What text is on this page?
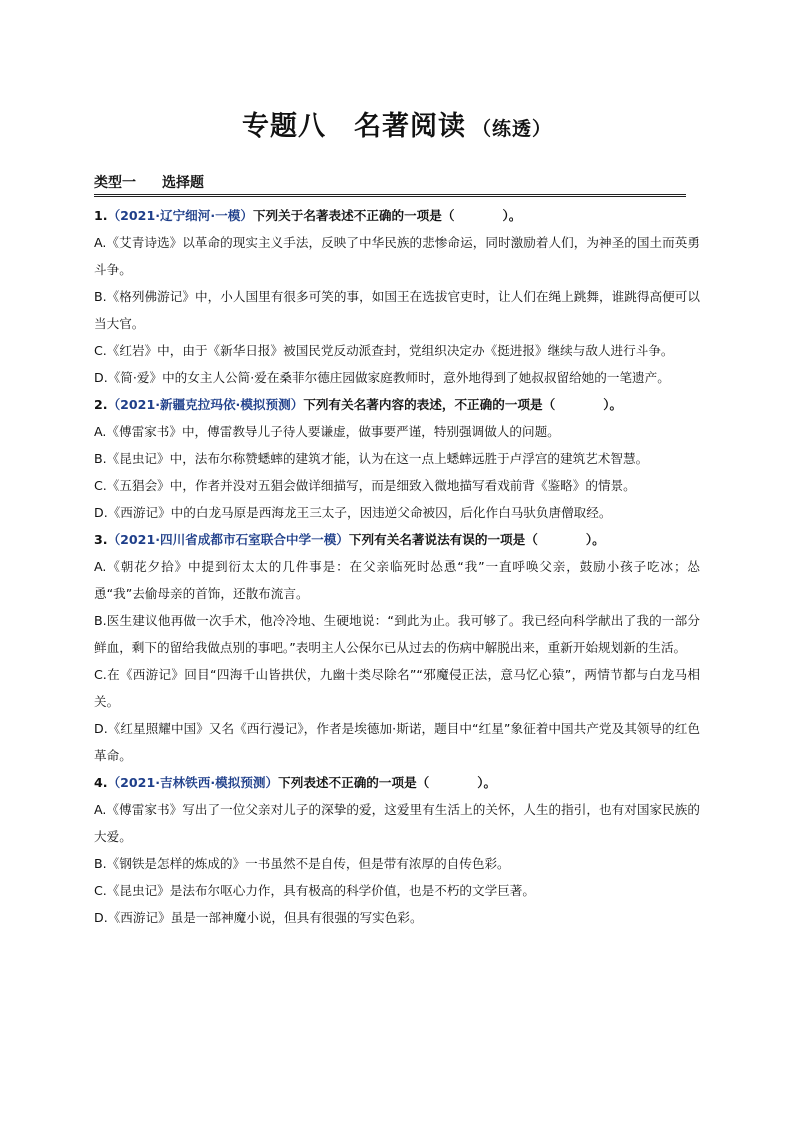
专题八　名著阅读 （练透）
类型一 选择题
1.（2021·辽宁细河·一模）下列关于名著表述不正确的一项是（	）。
A.《艾青诗选》以革命的现实主义手法，反映了中华民族的悲惨命运，同时激励着人们，为神圣的国土而英勇斗争。
B.《格列佛游记》中，小人国里有很多可笑的事，如国王在选拔官吏时，让人们在绳上跳舞，谁跳得高便可以当大官。
C.《红岩》中，由于《新华日报》被国民党反动派查封，党组织决定办《挺进报》继续与敌人进行斗争。
D.《简·爱》中的女主人公简·爱在桑菲尔德庄园做家庭教师时，意外地得到了她叔叔留给她的一笔遗产。
2.（2021·新疆克拉玛依·模拟预测）下列有关名著内容的表述，不正确的一项是（	）。
A.《傅雷家书》中，傅雷教导儿子待人要谦虚，做事要严谨，特别强调做人的问题。
B.《昆虫记》中，法布尔称赞蟋蟀的建筑才能，认为在这一点上蟋蟀远胜于卢浮宫的建筑艺术智慧。
C.《五猖会》中，作者并没对五猖会做详细描写，而是细致入微地描写看戏前背《鉴略》的情景。
D.《西游记》中的白龙马原是西海龙王三太子，因违逆父命被囚，后化作白马驮负唐僧取经。
3.（2021·四川省成都市石室联合中学一模）下列有关名著说法有误的一项是（	）。
A.《朝花夕拾》中提到衍太太的几件事是：在父亲临死时怂恿“我”一直呼唤父亲，鼓励小孩子吃冰；怂恿“我”去偷母亲的首饰，还散布流言。
B.医生建议他再做一次手术，他冷冷地、生硬地说：“到此为止。我可够了。我已经向科学献出了我的一部分鲜血，剩下的留给我做点别的事吧。”表明主人公保尔已从过去的伤病中解脱出来，重新开始规划新的生活。
C.在《西游记》回目“四海千山皆拱伏，九幽十类尽除名”“邪魔侵正法，意马忆心猿”，两情节都与白龙马相关。
D.《红星照耀中国》又名《西行漫记》，作者是埃德加·斯诺，题目中“红星”象征着中国共产党及其领导的红色革命。
4.（2021·吉林铁西·模拟预测）下列表述不正确的一项是（	）。
A.《傅雷家书》写出了一位父亲对儿子的深挚的爱，这爱里有生活上的关怀，人生的指引，也有对国家民族的大爱。
B.《钢铁是怎样的炼成的》一书虽然不是自传，但是带有浓厚的自传色彩。
C.《昆虫记》是法布尔呕心力作，具有极高的科学价值，也是不朽的文学巨著。
D.《西游记》虽是一部神魔小说，但具有很强的写实色彩。
